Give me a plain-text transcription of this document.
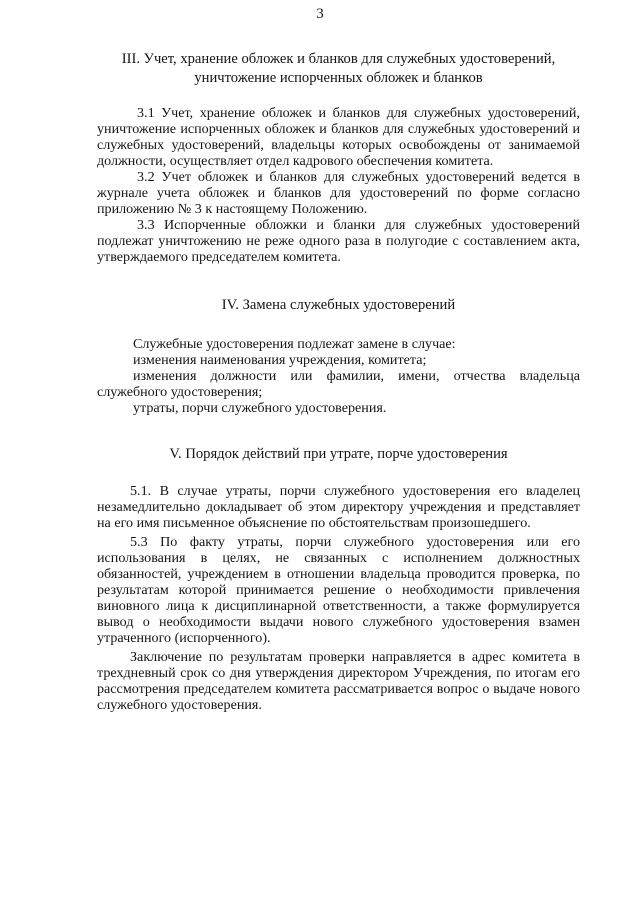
3
III. Учет, хранение обложек и бланков для служебных удостоверений, уничтожение испорченных обложек и бланков

3.1 Учет, хранение обложек и бланков для служебных удостоверений, уничтожение испорченных обложек и бланков для служебных удостоверений и служебных удостоверений, владельцы которых освобождены от занимаемой должности, осуществляет отдел кадрового обеспечения комитета.

3.2 Учет обложек и бланков для служебных удостоверений ведется в журнале учета обложек и бланков для удостоверений по форме согласно приложению № 3 к настоящему Положению.

3.3 Испорченные обложки и бланки для служебных удостоверений подлежат уничтожению не реже одного раза в полугодие с составлением акта, утверждаемого председателем комитета.

IV. Замена служебных удостоверений

Служебные удостоверения подлежат замене в случае:

изменения наименования учреждения, комитета;

изменения должности или фамилии, имени, отчества владельца служебного удостоверения;

утраты, порчи служебного удостоверения.

V. Порядок действий при утрате, порче удостоверения

5.1. В случае утраты, порчи служебного удостоверения его владелец незамедлительно докладывает об этом директору учреждения и представляет на его имя письменное объяснение по обстоятельствам произошедшего.

5.3 По факту утраты, порчи служебного удостоверения или его использования в целях, не связанных с исполнением должностных обязанностей, учреждением в отношении владельца проводится проверка, по результатам которой принимается решение о необходимости привлечения виновного лица к дисциплинарной ответственности, а также формулируется вывод о необходимости выдачи нового служебного удостоверения взамен утраченного (испорченного).

Заключение по результатам проверки направляется в адрес комитета в трехдневный срок со дня утверждения директором Учреждения, по итогам его рассмотрения председателем комитета рассматривается вопрос о выдаче нового служебного удостоверения.
